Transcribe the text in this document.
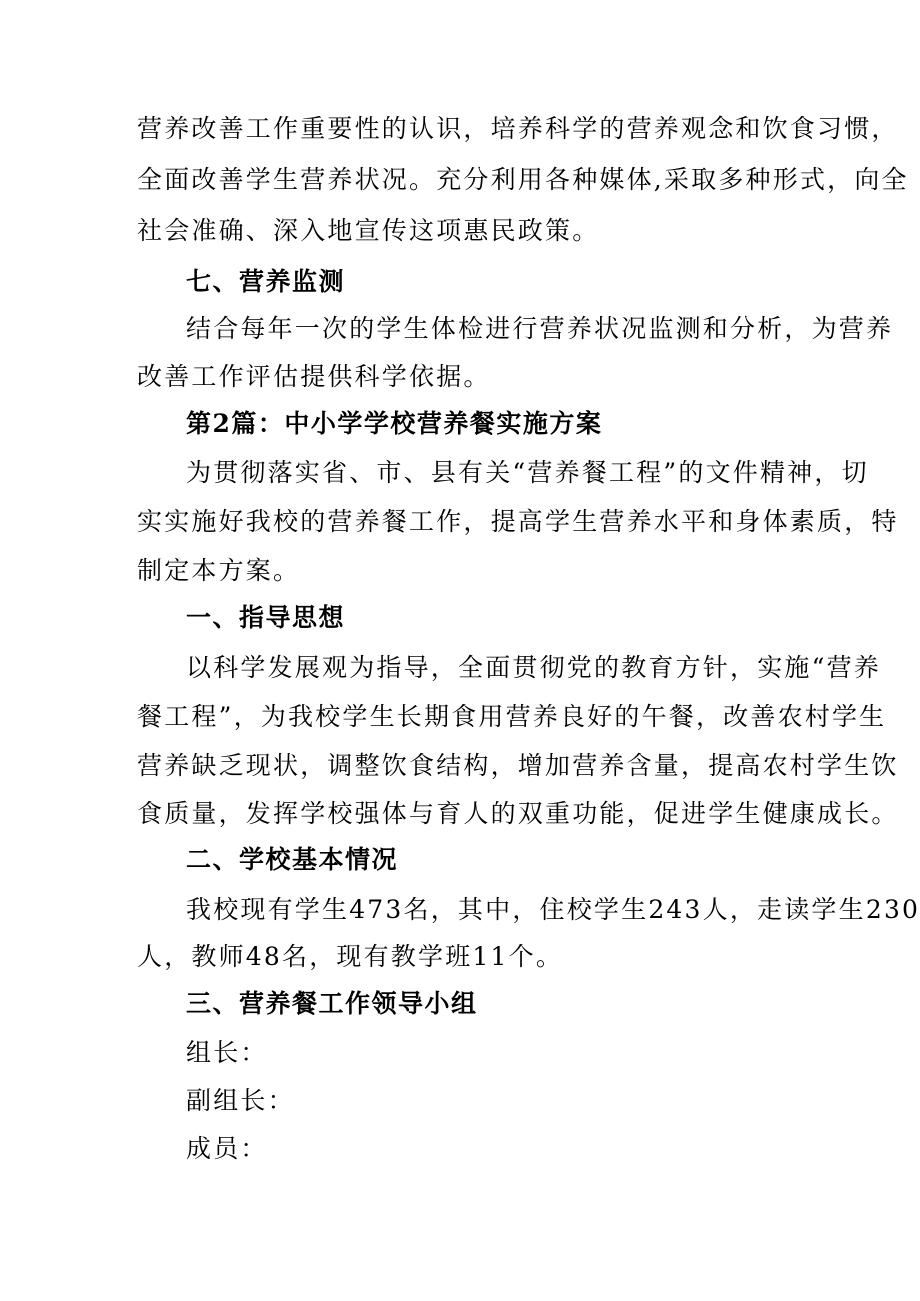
营养改善工作重要性的认识，培养科学的营养观念和饮食习惯，

全面改善学生营养状况。充分利用各种媒体,采取多种形式，向全

社会准确、深入地宣传这项惠民政策。

七、营养监测

结合每年一次的学生体检进行营养状况监测和分析，为营养

改善工作评估提供科学依据。

第2篇：中小学学校营养餐实施方案

为贯彻落实省、市、县有关“营养餐工程”的文件精神，切

实实施好我校的营养餐工作，提高学生营养水平和身体素质，特

制定本方案。

一、指导思想

以科学发展观为指导，全面贯彻党的教育方针，实施“营养

餐工程”，为我校学生长期食用营养良好的午餐，改善农村学生

营养缺乏现状，调整饮食结构，增加营养含量，提高农村学生饮

食质量，发挥学校强体与育人的双重功能，促进学生健康成长。

二、学校基本情况

我校现有学生473名，其中，住校学生243人，走读学生230

人，教师48名，现有教学班11个。

三、营养餐工作领导小组

组长：

副组长：

成员：
